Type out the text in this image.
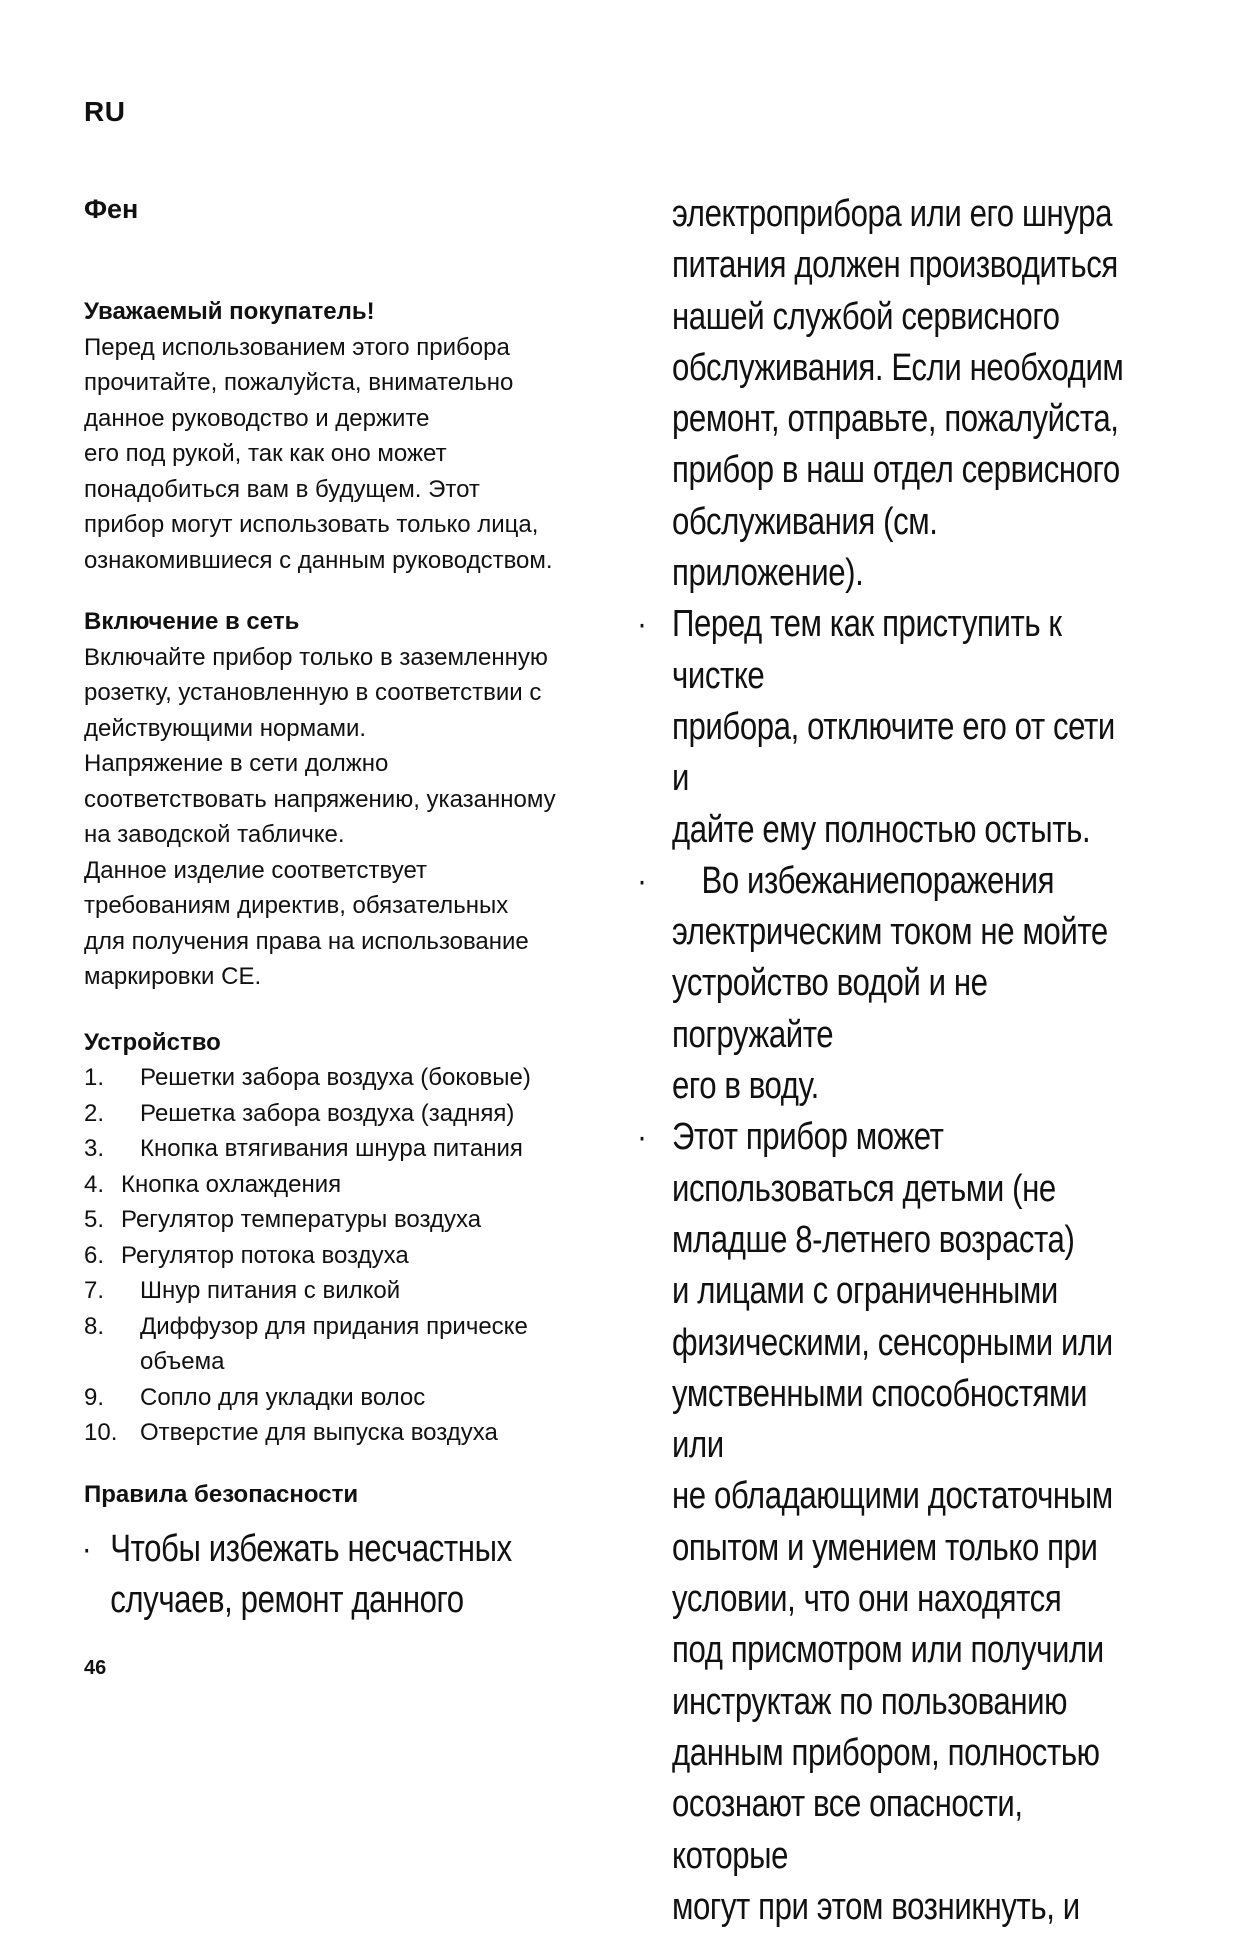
RU
Фен
Уважаемый покупатель!
Перед использованием этого прибора
прочитайте, пожалуйста, внимательно
данное руководство и держите
его под рукой, так как оно может
понадобиться вам в будущем. Этот
прибор могут использовать только лица,
ознакомившиеся с данным руководством.
Включение в сеть
Включайте прибор только в заземленную
розетку, установленную в соответствии с
действующими нормами.
Напряжение в сети должно
соответствовать напряжению, указанному
на заводской табличке.
Данное изделие соответствует
требованиям директив, обязательных
для получения права на использование
маркировки CE.
Устройство
1.	Решетки забора воздуха (боковые)
2.	Решетка забора воздуха (задняя)
3.	Кнопка втягивания шнура питания
4. Кнопка охлаждения
5. Регулятор температуры воздуха
6. Регулятор потока воздуха
7.	Шнур питания с вилкой
8.	Диффузор для придания прическе
объема
9.	Сопло для укладки волос
10. Отверстие для выпуска воздуха
Правила безопасности
· Чтобы избежать несчастных
случаев, ремонт данного
электроприбора или его шнура
питания должен производиться
нашей службой сервисного
обслуживания. Если необходим
ремонт, отправьте, пожалуйста,
прибор в наш отдел сервисного
обслуживания (см. приложение).
· Перед тем как приступить к чистке
прибора, отключите его от сети и
дайте ему полностью остыть.
·	Во избежаниепоражения
электрическим током не мойте
устройство водой и не погружайте
его в воду.
· Этот прибор может
использоваться детьми (не
младше 8-летнего возраста)
и лицами с ограниченными
физическими, сенсорными или
умственными способностями или
не обладающими достаточным
опытом и умением только при
условии, что они находятся
под присмотром или получили
инструктаж по пользованию
данным прибором, полностью
осознают все опасности, которые
могут при этом возникнуть, и
46
